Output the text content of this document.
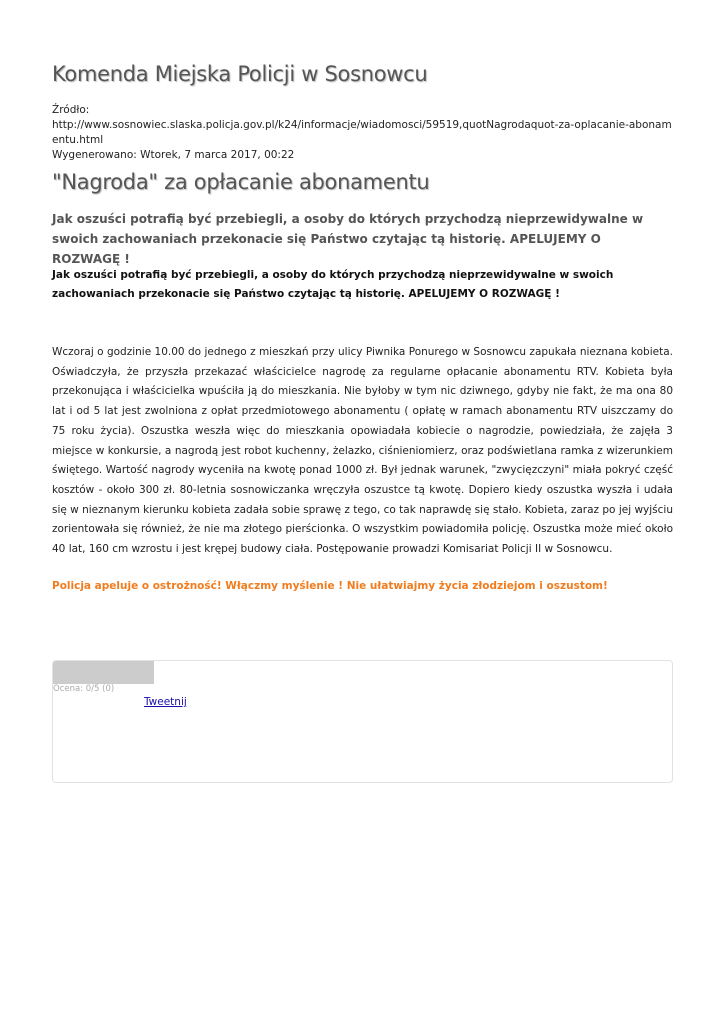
Komenda Miejska Policji w Sosnowcu
Źródło:
http://www.sosnowiec.slaska.policja.gov.pl/k24/informacje/wiadomosci/59519,quotNagrodaquot-za-oplacanie-abonamentu.html
Wygenerowano: Wtorek, 7 marca 2017, 00:22
"Nagroda" za opłacanie abonamentu
Jak oszuści potrafią być przebiegli, a osoby do których przychodzą nieprzewidywalne w swoich zachowaniach przekonacie się Państwo czytając tą historię. APELUJEMY O ROZWAGĘ !
Jak oszuści potrafią być przebiegli, a osoby do których przychodzą nieprzewidywalne w swoich zachowaniach przekonacie się Państwo czytając tą historię. APELUJEMY O ROZWAGĘ !
Wczoraj o godzinie 10.00 do jednego z mieszkań przy ulicy Piwnika Ponurego w Sosnowcu zapukała nieznana kobieta. Oświadczyła, że przyszła przekazać właścicielce nagrodę za regularne opłacanie abonamentu RTV. Kobieta była przekonująca i właścicielka wpuściła ją do mieszkania. Nie byłoby w tym nic dziwnego, gdyby nie fakt, że ma ona 80 lat i od 5 lat jest zwolniona z opłat przedmiotowego abonamentu ( opłatę w ramach abonamentu RTV uiszczamy do 75 roku życia). Oszustka weszła więc do mieszkania opowiadała kobiecie o nagrodzie, powiedziała, że zajęła 3 miejsce w konkursie, a nagrodą jest robot kuchenny, żelazko, ciśnieniomierz, oraz podświetlana ramka z wizerunkiem świętego. Wartość nagrody wyceniła na kwotę ponad 1000 zł. Był jednak warunek, "zwycięzczyni" miała pokryć część kosztów - około 300 zł. 80-letnia sosnowiczanka wręczyła oszustce tą kwotę. Dopiero kiedy oszustka wyszła i udała się w nieznanym kierunku kobieta zadała sobie sprawę z tego, co tak naprawdę się stało. Kobieta, zaraz po jej wyjściu zorientowała się również, że nie ma złotego pierścionka. O wszystkim powiadomiła policję. Oszustka może mieć około 40 lat, 160 cm wzrostu i jest krępej budowy ciała. Postępowanie prowadzi Komisariat Policji II w Sosnowcu.
Policja apeluje o ostrożność! Włączmy myślenie ! Nie ułatwiajmy życia złodziejom i oszustom!
Ocena: 0/5 (0)
Tweetnij
